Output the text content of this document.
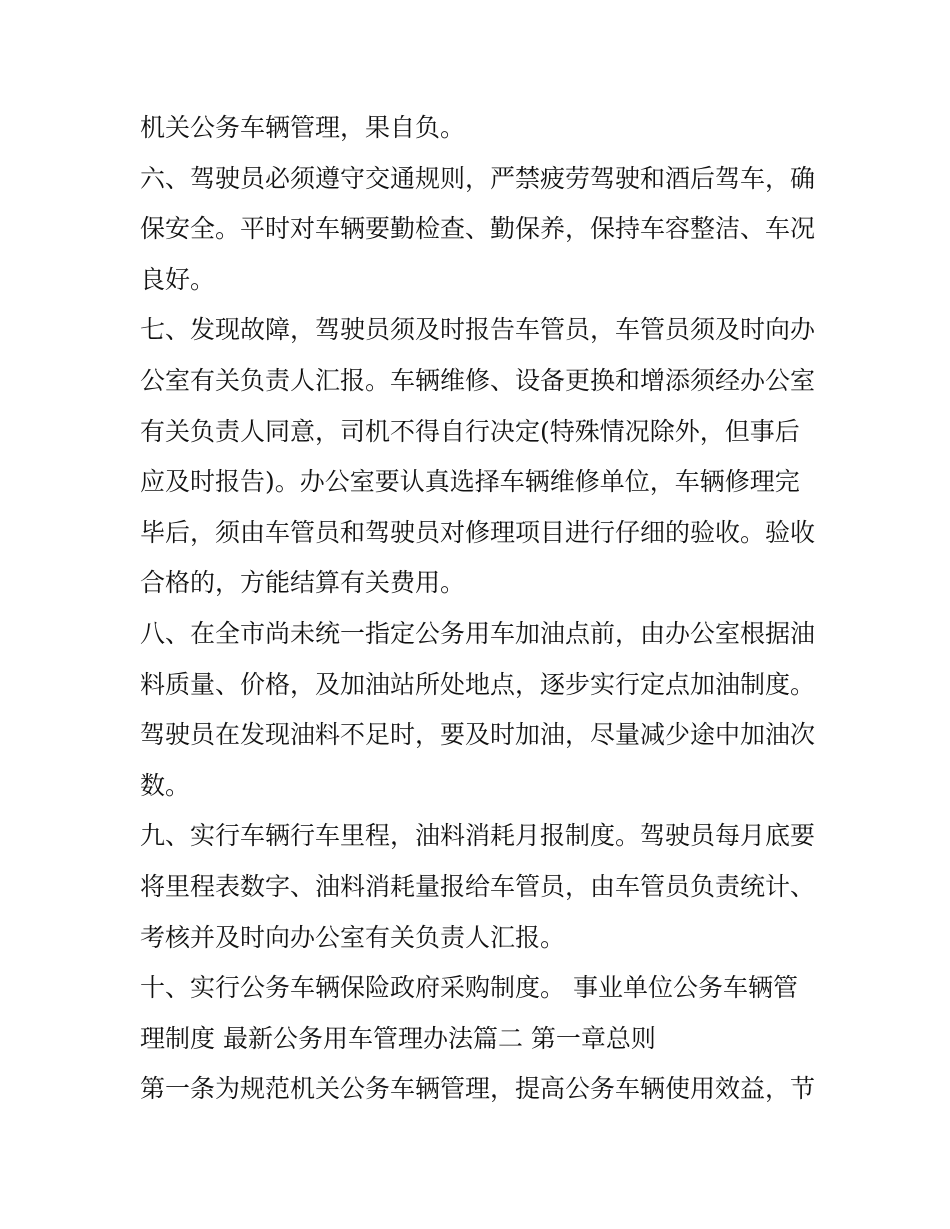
机关公务车辆管理，果自负。
六、驾驶员必须遵守交通规则，严禁疲劳驾驶和酒后驾车，确
保安全。平时对车辆要勤检查、勤保养，保持车容整洁、车况
良好。
七、发现故障，驾驶员须及时报告车管员，车管员须及时向办
公室有关负责人汇报。车辆维修、设备更换和增添须经办公室
有关负责人同意，司机不得自行决定(特殊情况除外，但事后
应及时报告)。办公室要认真选择车辆维修单位，车辆修理完
毕后，须由车管员和驾驶员对修理项目进行仔细的验收。验收
合格的，方能结算有关费用。
八、在全市尚未统一指定公务用车加油点前，由办公室根据油
料质量、价格，及加油站所处地点，逐步实行定点加油制度。
驾驶员在发现油料不足时，要及时加油，尽量减少途中加油次
数。
九、实行车辆行车里程，油料消耗月报制度。驾驶员每月底要
将里程表数字、油料消耗量报给车管员，由车管员负责统计、
考核并及时向办公室有关负责人汇报。
十、实行公务车辆保险政府采购制度。 事业单位公务车辆管
理制度 最新公务用车管理办法篇二 第一章总则
第一条为规范机关公务车辆管理，提高公务车辆使用效益，节
